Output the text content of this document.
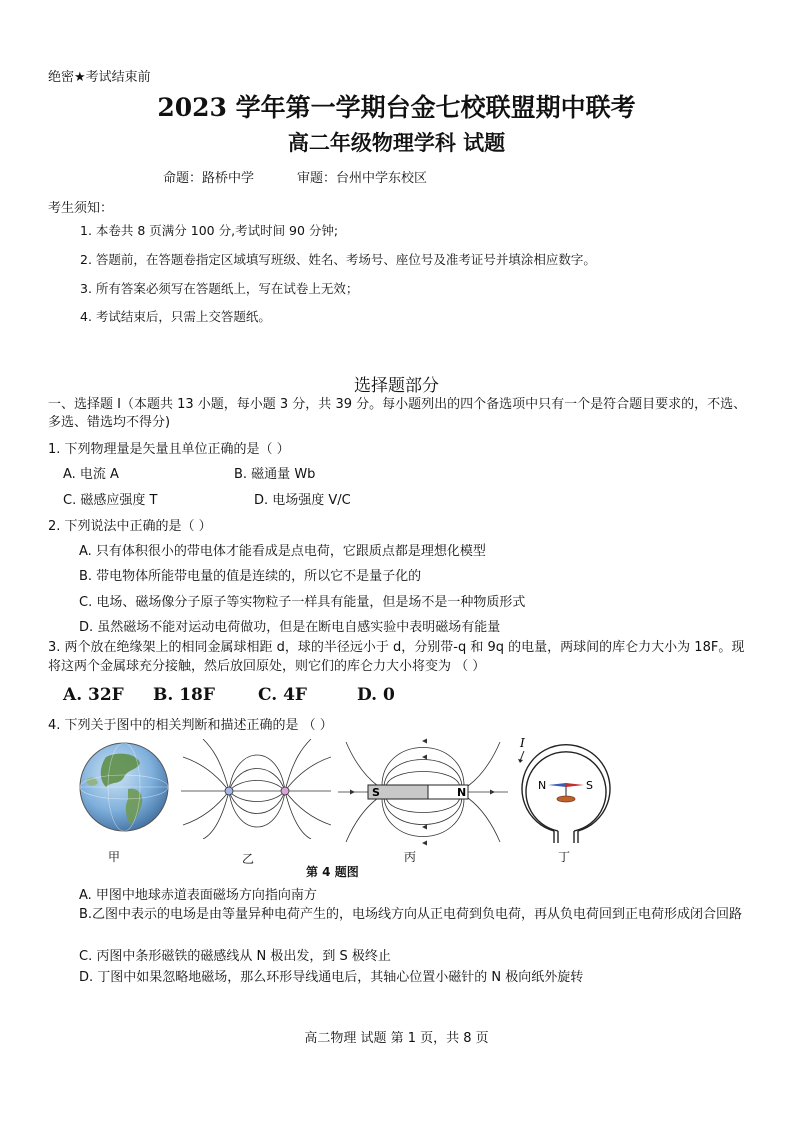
绝密★考试结束前
2023 学年第一学期台金七校联盟期中联考
高二年级物理学科 试题
命题：路桥中学	审题：台州中学东校区
考生须知：
1. 本卷共 8 页满分 100 分,考试时间 90 分钟;
2. 答题前，在答题卷指定区域填写班级、姓名、考场号、座位号及准考证号并填涂相应数字。
3. 所有答案必须写在答题纸上，写在试卷上无效；
4. 考试结束后，只需上交答题纸。
选择题部分
一、选择题 I（本题共 13 小题，每小题 3 分，共 39 分。每小题列出的四个备选项中只有一个是符合题目要求的，不选、多选、错选均不得分)
1. 下列物理量是矢量且单位正确的是（ ）
A. 电流 A	B. 磁通量 Wb
C. 磁感应强度 T	D. 电场强度 V/C
2. 下列说法中正确的是（ ）
A. 只有体积很小的带电体才能看成是点电荷，它跟质点都是理想化模型
B. 带电物体所能带电量的值是连续的，所以它不是量子化的
C. 电场、磁场像分子原子等实物粒子一样具有能量，但是场不是一种物质形式
D. 虽然磁场不能对运动电荷做功，但是在断电自感实验中表明磁场有能量
3. 两个放在绝缘架上的相同金属球相距 d，球的半径远小于 d，分别带-q 和 9q 的电量，两球间的库仑力大小为 18F。现将这两个金属球充分接触，然后放回原处，则它们的库仑力大小将变为 （ ）
A. 32F B. 18F	C. 4F	D. 0
4. 下列关于图中的相关判断和描述正确的是 （ ）
甲	乙
S	N
丙
I
N	S
丁
第 4 题图
A. 甲图中地球赤道表面磁场方向指向南方
B.乙图中表示的电场是由等量异种电荷产生的，电场线方向从正电荷到负电荷，再从负电荷回到正电荷形成闭合回路
C. 丙图中条形磁铁的磁感线从 N 极出发，到 S 极终止
D. 丁图中如果忽略地磁场，那么环形导线通电后，其轴心位置小磁针的 N 极向纸外旋转
高二物理 试题 第 1 页，共 8 页
